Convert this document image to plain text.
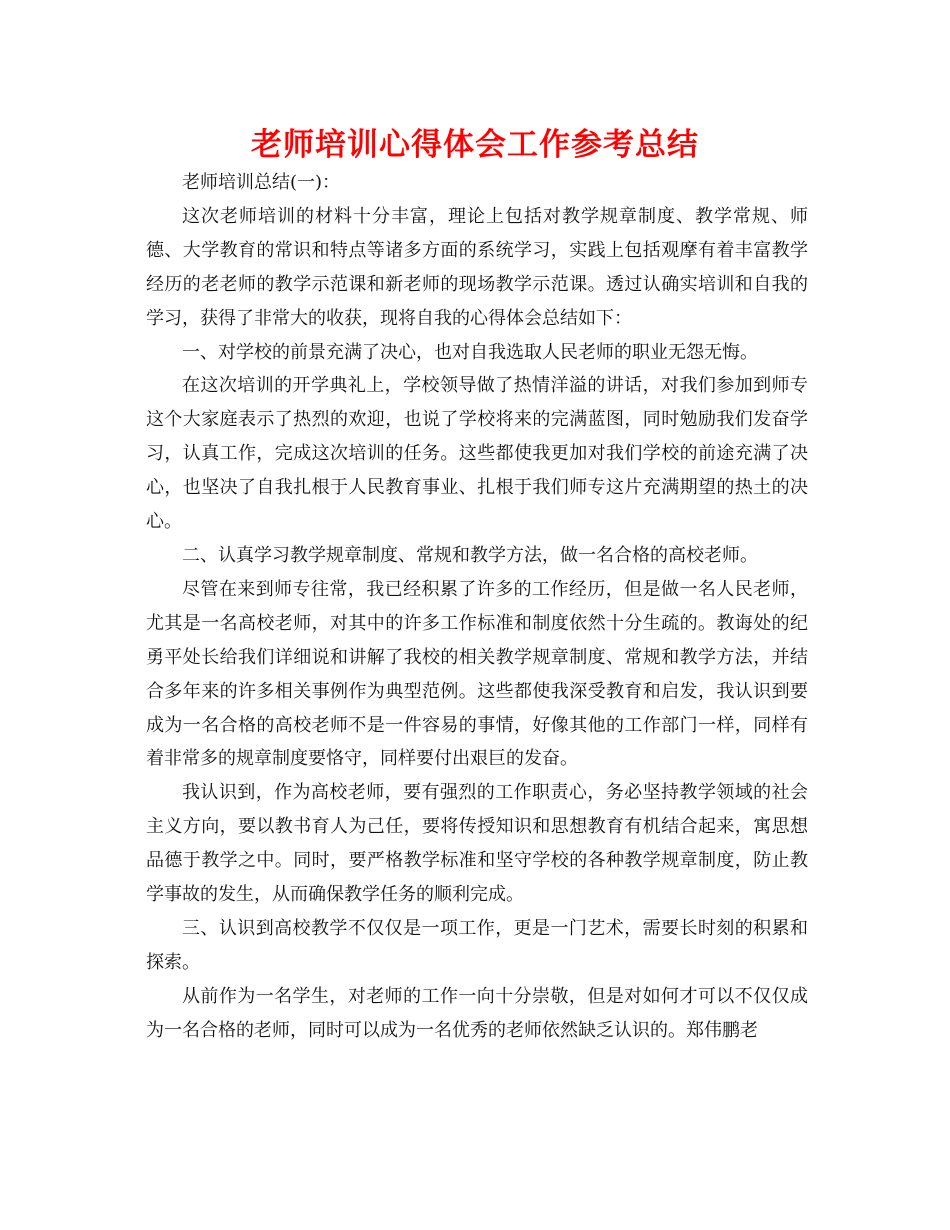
老师培训心得体会工作参考总结

老师培训总结(一)：

这次老师培训的材料十分丰富，理论上包括对教学规章制度、教学常规、师德、大学教育的常识和特点等诸多方面的系统学习，实践上包括观摩有着丰富教学经历的老老师的教学示范课和新老师的现场教学示范课。透过认确实培训和自我的学习，获得了非常大的收获，现将自我的心得体会总结如下：

一、对学校的前景充满了决心，也对自我选取人民老师的职业无怨无悔。

在这次培训的开学典礼上，学校领导做了热情洋溢的讲话，对我们参加到师专这个大家庭表示了热烈的欢迎，也说了学校将来的完满蓝图，同时勉励我们发奋学习，认真工作，完成这次培训的任务。这些都使我更加对我们学校的前途充满了决心，也坚决了自我扎根于人民教育事业、扎根于我们师专这片充满期望的热土的决心。

二、认真学习教学规章制度、常规和教学方法，做一名合格的高校老师。

尽管在来到师专往常，我已经积累了许多的工作经历，但是做一名人民老师，尤其是一名高校老师，对其中的许多工作标准和制度依然十分生疏的。教诲处的纪勇平处长给我们详细说和讲解了我校的相关教学规章制度、常规和教学方法，并结合多年来的许多相关事例作为典型范例。这些都使我深受教育和启发，我认识到要成为一名合格的高校老师不是一件容易的事情，好像其他的工作部门一样，同样有着非常多的规章制度要恪守，同样要付出艰巨的发奋。

我认识到，作为高校老师，要有强烈的工作职责心，务必坚持教学领域的社会主义方向，要以教书育人为己任，要将传授知识和思想教育有机结合起来，寓思想品德于教学之中。同时，要严格教学标准和坚守学校的各种教学规章制度，防止教学事故的发生，从而确保教学任务的顺利完成。

三、认识到高校教学不仅仅是一项工作，更是一门艺术，需要长时刻的积累和探索。

从前作为一名学生，对老师的工作一向十分崇敬，但是对如何才可以不仅仅成为一名合格的老师，同时可以成为一名优秀的老师依然缺乏认识的。郑伟鹏老
